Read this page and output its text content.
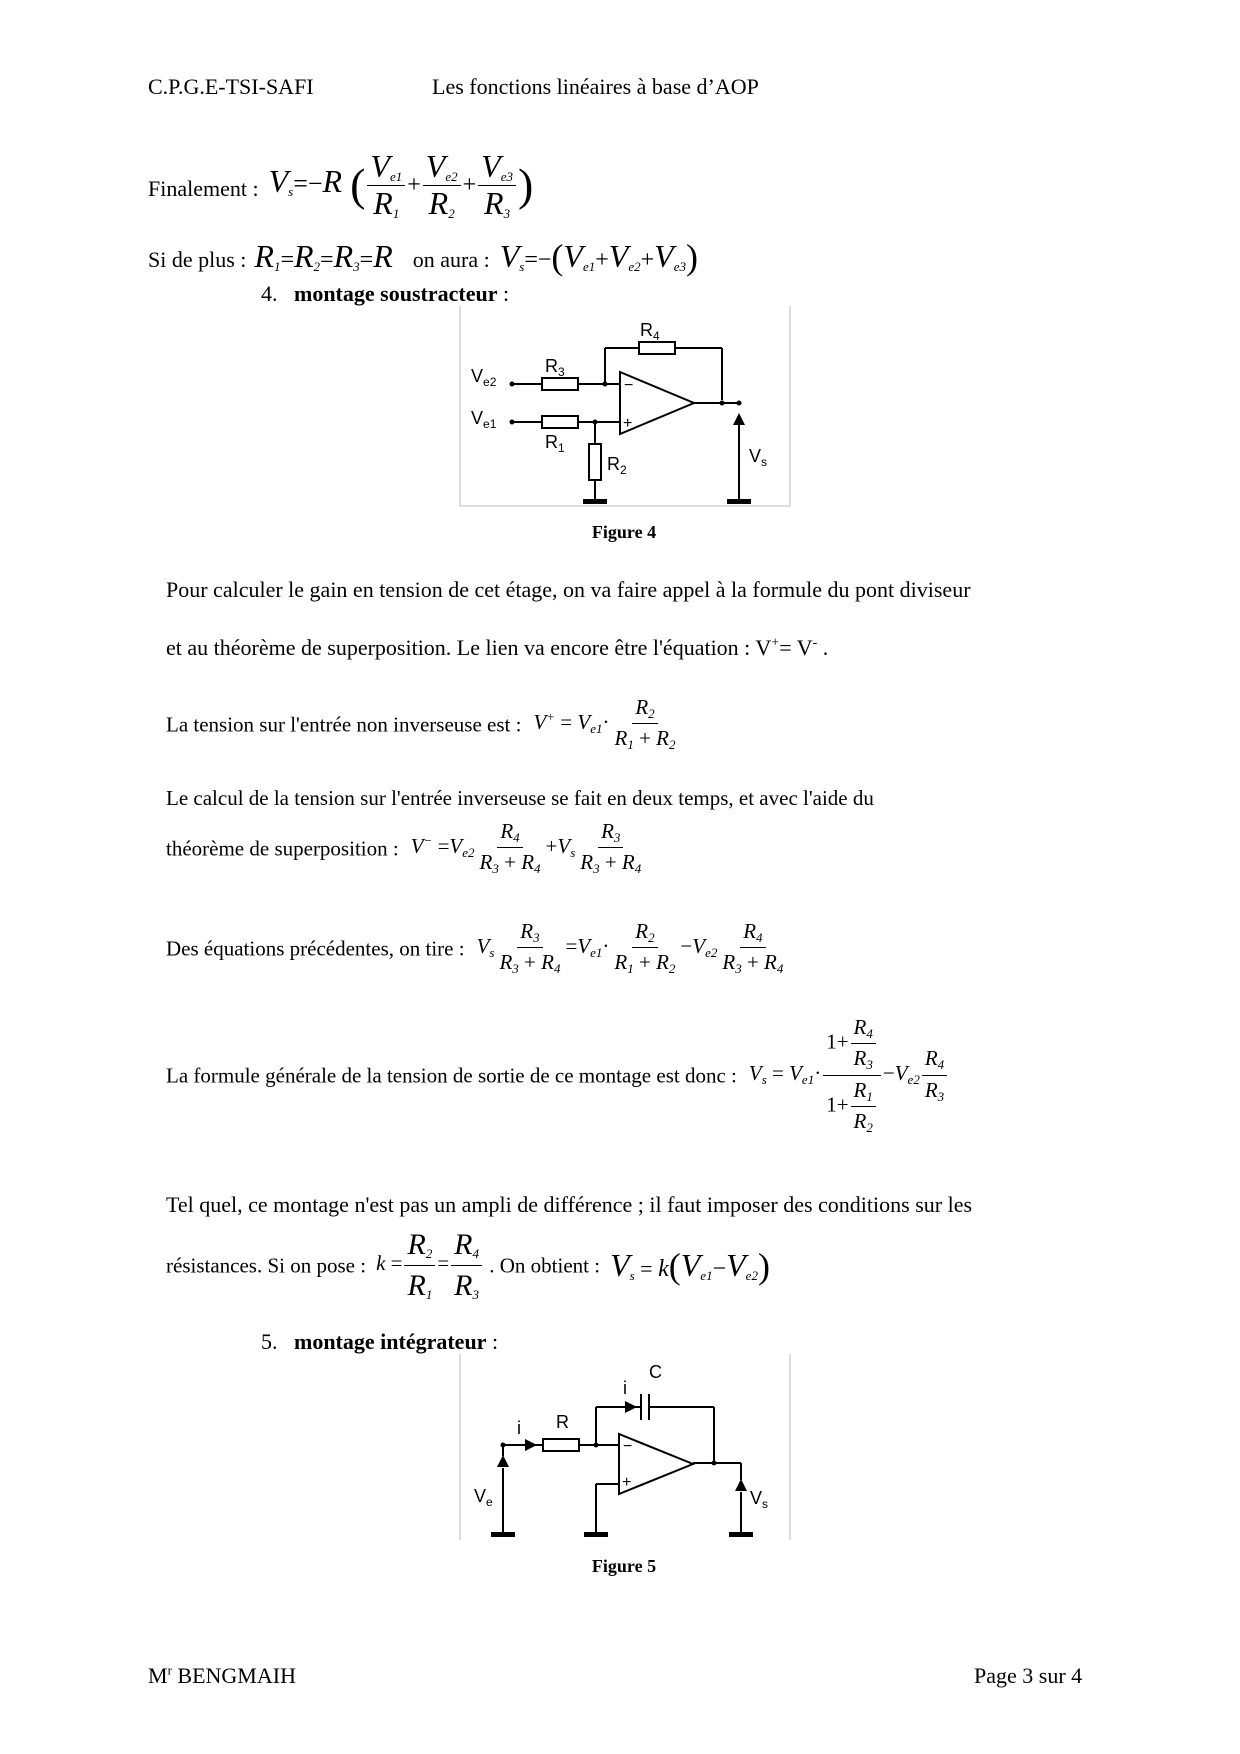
C.P.G.E-TSI-SAFI	Les fonctions linéaires à base d’AOP
Finalement : Vs=−R ( $\frac{Ve1}{R1} + \frac{Ve2}{R2} + \frac{Ve3}{R3}$ )
Si de plus : R1=R2=R3=R on aura : Vs=−(Ve1+Ve2+Ve3)
4. montage soustracteur :
$R_4$
$R_3$
$R_1$
$R_2$
$V_{e2}$
$V_{e1}$
$V_s$
−
+
Figure 4
Pour calculer le gain en tension de cet étage, on va faire appel à la formule du pont diviseur
et au théorème de superposition. Le lien va encore être l'équation : V+= V- .
La tension sur l'entrée non inverseuse est : $V^+ = Ve1\cdot \frac{R2}{R1 + R2}$
Le calcul de la tension sur l'entrée inverseuse se fait en deux temps, et avec l'aide du
théorème de superposition : $V^- =Ve2 \frac{R4}{R3 + R4} +Vs \frac{R3}{R3 + R4}$
Des équations précédentes, on tire : Vs $\frac{R3}{R3 + R4} =Ve1\cdot \frac{R2}{R1 + R2} -Ve2 \frac{R4}{R3 + R4}$
La formule générale de la tension de sortie de ce montage est donc : $Vs = Ve1\cdot \frac{1+ \frac{R4}{R3}}{1+ \frac{R1}{R2}} -Ve2 \frac{R4}{R3}$
Tel quel, ce montage n'est pas un ampli de différence ; il faut imposer des conditions sur les
résistances. Si on pose : $k = \frac{R2}{R1} = \frac{R4}{R3}$ . On obtient : Vs = k(Ve1−Ve2)
5. montage intégrateur :
C
i
i R
$V_e$	$V_s$
−
+
Figure 5
$M^r$ BENGMAIH	Page 3 sur 4
